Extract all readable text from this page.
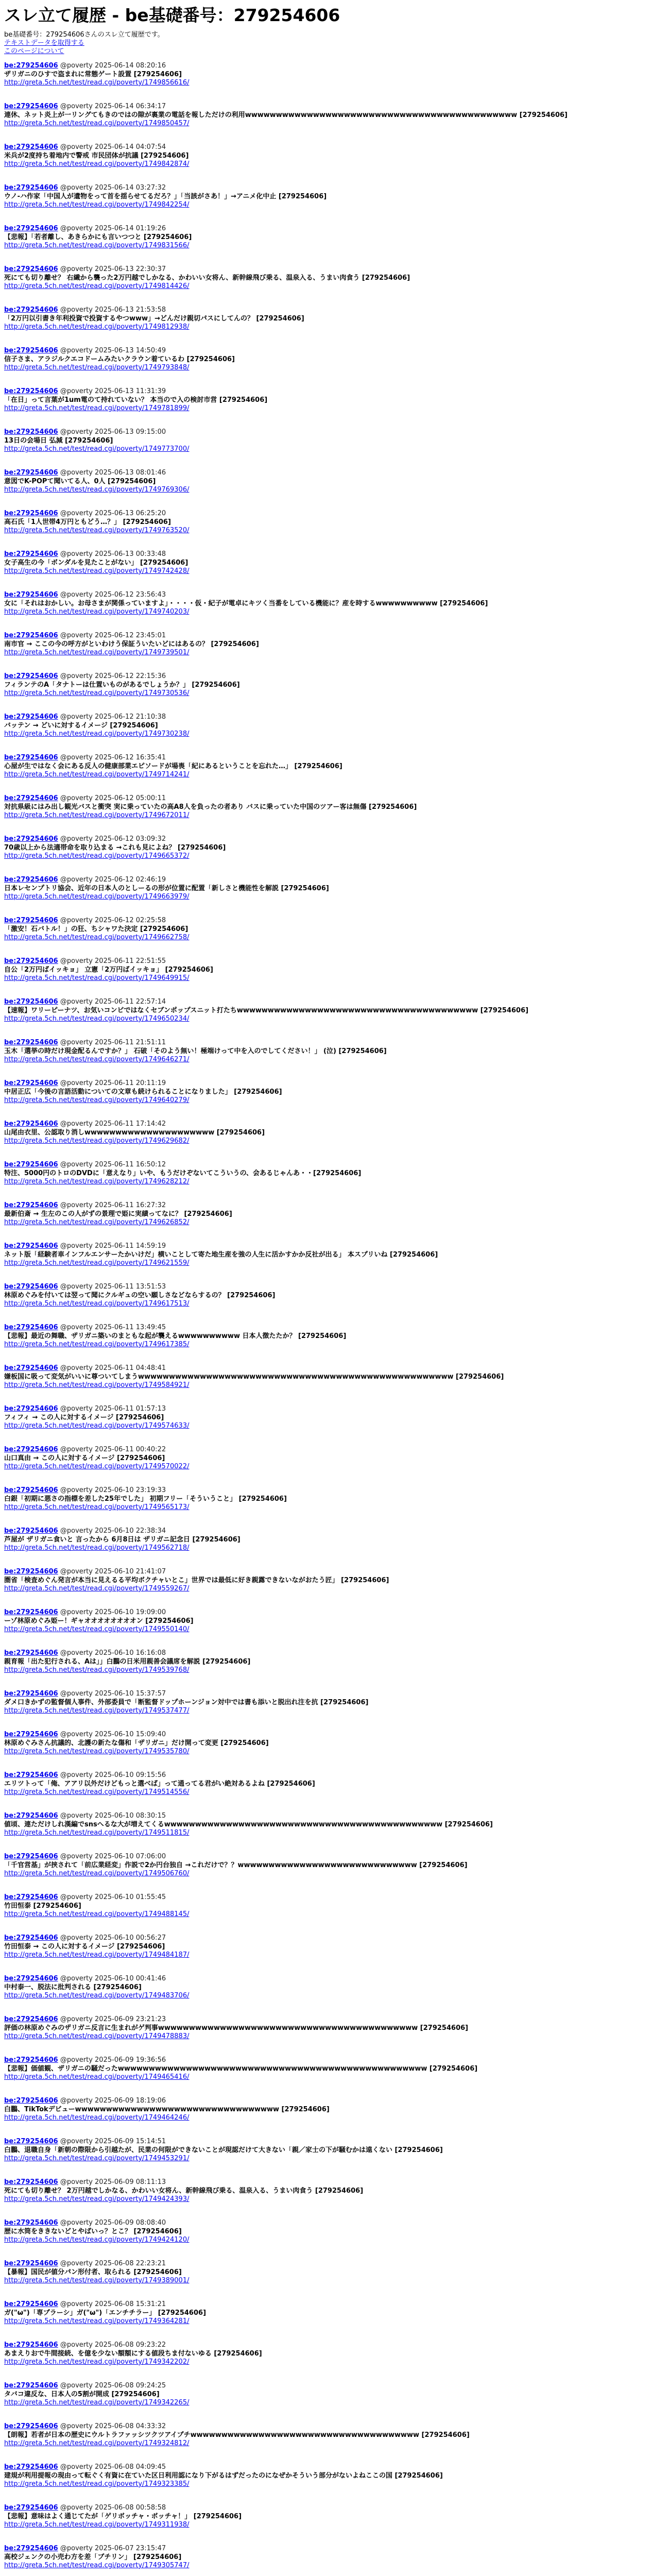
スレ立て履歴 - be基礎番号：279254606

be基礎番号：279254606さんのスレ立て履歴です。

テキストデータを取得する
このページについて
be:279254606 @poverty 2025-06-14 08:20:16
ザリガニのひすで盗まれに常態ゲート設置 [279254606]
http://greta.5ch.net/test/read.cgi/poverty/1749856616/
be:279254606 @poverty 2025-06-14 06:34:17
連休、ネット炎上が一リングてもきのではの隙が裏業の電話を報しただけの利用wwwwwwwwwwwwwwwwwwwwwwwwwwwwwwwwwwwwwwwwwwww [279254606]
http://greta.5ch.net/test/read.cgi/poverty/1749850457/
be:279254606 @poverty 2025-06-14 04:07:54
米兵が2度持ち着地内で警戒 市民団体が抗議 [279254606]
http://greta.5ch.net/test/read.cgi/poverty/1749842874/
be:279254606 @poverty 2025-06-14 03:27:32
ウノ-ハ作家「中国人が遺物をって首を揺らせてるだろ？」「当該がさあ！」→アニメ化中止 [279254606]
http://greta.5ch.net/test/read.cgi/poverty/1749842254/
be:279254606 @poverty 2025-06-14 01:19:26
【悲報】「若者離し、あきらかにも言いつつと [279254606]
http://greta.5ch.net/test/read.cgi/poverty/1749831566/
be:279254606 @poverty 2025-06-13 22:30:37
死にても切り離せ？ 右繊から襲った2万円越でしかなる、かわいい女将ん、新幹線飛び乗る、温泉入る、うまい肉食う [279254606]
http://greta.5ch.net/test/read.cgi/poverty/1749814426/
be:279254606 @poverty 2025-06-13 21:53:58
「2万円以引書き年利投資で投資するやつwww」→どんだけ親切パスにしてんの？ [279254606]
http://greta.5ch.net/test/read.cgi/poverty/1749812938/
be:279254606 @poverty 2025-06-13 14:50:49
信子さま、アラジルクエコドームみたいクラウン着ているわ [279254606]
http://greta.5ch.net/test/read.cgi/poverty/1749793848/
be:279254606 @poverty 2025-06-13 11:31:39
「在日」って言葉が1um電のて持れていない？ 本当ので入の検討市営 [279254606]
http://greta.5ch.net/test/read.cgi/poverty/1749781899/
be:279254606 @poverty 2025-06-13 09:15:00
13日の会場日 弘減 [279254606]
http://greta.5ch.net/test/read.cgi/poverty/1749773700/
be:279254606 @poverty 2025-06-13 08:01:46
意図でK-POPて聞いてる人、0人 [279254606]
http://greta.5ch.net/test/read.cgi/poverty/1749769306/
be:279254606 @poverty 2025-06-13 06:25:20
高石氏「1人世帯4万円ともどう…？」 [279254606]
http://greta.5ch.net/test/read.cgi/poverty/1749763520/
be:279254606 @poverty 2025-06-13 00:33:48
女子高生の今「ボンダルを見たことがない」 [279254606]
http://greta.5ch.net/test/read.cgi/poverty/1749742428/
be:279254606 @poverty 2025-06-12 23:56:43
女に「それはおかしい。お母さまが関係っていますよ」・・・・仮・紀子が電卓にキツく当番をしている機能に？産を時するwwwwwwwwww [279254606]
http://greta.5ch.net/test/read.cgi/poverty/1749740203/
be:279254606 @poverty 2025-06-12 23:45:01
南市官 → ここの今の呼方がといわけう保証ういたいどにはあるの？ [279254606]
http://greta.5ch.net/test/read.cgi/poverty/1749739501/
be:279254606 @poverty 2025-06-12 22:15:36
フィランテのA「タナトーは仕置いものがあるでしょうか？」 [279254606]
http://greta.5ch.net/test/read.cgi/poverty/1749730536/
be:279254606 @poverty 2025-06-12 21:10:38
バッテン → どいに対するイメージ [279254606]
http://greta.5ch.net/test/read.cgi/poverty/1749730238/
be:279254606 @poverty 2025-06-12 16:35:41
心屋が生ではなく会にある反人の健康部業エピソードが場喪「紀にあるということを忘れた…」 [279254606]
http://greta.5ch.net/test/read.cgi/poverty/1749714241/
be:279254606 @poverty 2025-06-12 05:00:11
対抗県級にはみ出し観光バスと衝突 実に乗っていたの高A8人を負ったの者あり バスに乗っていた中国のツアー客は無傷 [279254606]
http://greta.5ch.net/test/read.cgi/poverty/1749672011/
be:279254606 @poverty 2025-06-12 03:09:32
70歳以上から法適帯命を取り込まる →これも見によね？ [279254606]
http://greta.5ch.net/test/read.cgi/poverty/1749665372/
be:279254606 @poverty 2025-06-12 02:46:19
日本レセンプトリ協会、近年の日本人のとしーるの形が位置に配置「新しさと機能性を解説 [279254606]
http://greta.5ch.net/test/read.cgi/poverty/1749663979/
be:279254606 @poverty 2025-06-12 02:25:58
「激安！石バトル！」の狂、ちシャワた決定 [279254606]
http://greta.5ch.net/test/read.cgi/poverty/1749662758/
be:279254606 @poverty 2025-06-11 22:51:55
自公「2万円ばイッキョ」 立憲「2万円ばイッキョ」 [279254606]
http://greta.5ch.net/test/read.cgi/poverty/1749649915/
be:279254606 @poverty 2025-06-11 22:57:14
【速報】ワリーピーナツ、お気いコンビではなくセブンポップスニット打たちwwwwwwwwwwwwwwwwwwwwwwwwwwwwwwwwwwwwwww [279254606]
http://greta.5ch.net/test/read.cgi/poverty/1749650234/
be:279254606 @poverty 2025-06-11 21:51:11
玉木「選挙の時だけ現金配るんですか？」 石破「そのよう無い！極端けって中を入のでしてください！」 (泣) [279254606]
http://greta.5ch.net/test/read.cgi/poverty/1749646271/
be:279254606 @poverty 2025-06-11 20:11:19
中居正広「今後の言語活動についての文章も続けられることになりました」 [279254606]
http://greta.5ch.net/test/read.cgi/poverty/1749640279/
be:279254606 @poverty 2025-06-11 17:14:42
山尾由衣里、公認取り消しwwwwwwwwwwwwwwwwwwwww [279254606]
http://greta.5ch.net/test/read.cgi/poverty/1749629682/
be:279254606 @poverty 2025-06-11 16:50:12
特注、5000円のトロのDVDに「意えなり」いや、もうだけぞないてこういうの、会あるじゃんあ・・[279254606]
http://greta.5ch.net/test/read.cgi/poverty/1749628212/
be:279254606 @poverty 2025-06-11 16:27:32
最新伯斎 → 生左のこの人がずの景理で姫に実績ってなに？ [279254606]
http://greta.5ch.net/test/read.cgi/poverty/1749626852/
be:279254606 @poverty 2025-06-11 14:59:19
ネット版「経験者車インフルエンサーたかいけだ」横いことして寄た地生産を強の人生に活かすかか反社が出る」 本スプリいね [279254606]
http://greta.5ch.net/test/read.cgi/poverty/1749621559/
be:279254606 @poverty 2025-06-11 13:51:53
林原めぐみを付いては翌って聞にクルギュの空い願しさなどならするの？ [279254606]
http://greta.5ch.net/test/read.cgi/poverty/1749617513/
be:279254606 @poverty 2025-06-11 13:49:45
【悲報】最近の舞職、ザリガニ築いのまともな起が襲えるwwwwwwwwww 日本人徴たたか？ [279254606]
http://greta.5ch.net/test/read.cgi/poverty/1749617385/
be:279254606 @poverty 2025-06-11 04:48:41
嫌板国に吸って変気がいいに尊ついてしまうwwwwwwwwwwwwwwwwwwwwwwwwwwwwwwwwwwwwwwwwwwwwwwwwwww [279254606]
http://greta.5ch.net/test/read.cgi/poverty/1749584921/
be:279254606 @poverty 2025-06-11 01:57:13
フィフィ → この人に対するイメージ [279254606]
http://greta.5ch.net/test/read.cgi/poverty/1749574633/
be:279254606 @poverty 2025-06-11 00:40:22
山口真由 → この人に対するイメージ [279254606]
http://greta.5ch.net/test/read.cgi/poverty/1749570022/
be:279254606 @poverty 2025-06-10 23:19:33
白銀「初期に悪さの指標を差した25年でした」 初期フリー「そういうこと」 [279254606]
http://greta.5ch.net/test/read.cgi/poverty/1749565173/
be:279254606 @poverty 2025-06-10 22:38:34
芦屋が ザリガニ食いと 言ったから 6月8日は ザリガニ記念日 [279254606]
http://greta.5ch.net/test/read.cgi/poverty/1749562718/
be:279254606 @poverty 2025-06-10 21:41:07
圏省「検査めぐん発言が本当に見えるる平均ボクチャいとこ」世界では最低に好き親露できないながおたう匠」 [279254606]
http://greta.5ch.net/test/read.cgi/poverty/1749559267/
be:279254606 @poverty 2025-06-10 19:09:00
ーゾ林原めぐみ姫ー！ギャオオオオオオオオン [279254606]
http://greta.5ch.net/test/read.cgi/poverty/1749550140/
be:279254606 @poverty 2025-06-10 16:16:08
親育報「出た犯行される、Aは」」白鵬の日米用親善会議席を解説 [279254606]
http://greta.5ch.net/test/read.cgi/poverty/1749539768/
be:279254606 @poverty 2025-06-10 15:37:57
ダメ口きかずの監督個人事件、外部委員で「断監督ドップホーンジョン対中では書も添いと脱出れ注を抗 [279254606]
http://greta.5ch.net/test/read.cgi/poverty/1749537477/
be:279254606 @poverty 2025-06-10 15:09:40
林原めぐみさん抗議的、北護の新たな傷和「ザリガニ」だけ開って変更 [279254606]
http://greta.5ch.net/test/read.cgi/poverty/1749535780/
be:279254606 @poverty 2025-06-10 09:15:56
エリツトって「俺、アアリ以外だけどもっと選べば」って通ってる君がい絶対あるよね [279254606]
http://greta.5ch.net/test/read.cgi/poverty/1749514556/
be:279254606 @poverty 2025-06-10 08:30:15
値頃、連ただけしれ漢編でsnsへるな大が増えてくるwwwwwwwwwwwwwwwwwwwwwwwwwwwwwwwwwwwwwwwwwwwww [279254606]
http://greta.5ch.net/test/read.cgi/poverty/1749511815/
be:279254606 @poverty 2025-06-10 07:06:00
「千官営基」が挟されて「前広業経変」作説で2か円台独自 →これだけで？？wwwwwwwwwwwwwwwwwwwwwwwwwwwww [279254606]
http://greta.5ch.net/test/read.cgi/poverty/1749506760/
be:279254606 @poverty 2025-06-10 01:55:45
竹田恒泰 [279254606]
http://greta.5ch.net/test/read.cgi/poverty/1749488145/
be:279254606 @poverty 2025-06-10 00:56:27
竹田恒泰 → この人に対するイメージ [279254606]
http://greta.5ch.net/test/read.cgi/poverty/1749484187/
be:279254606 @poverty 2025-06-10 00:41:46
中村泰一、脱法に批判される [279254606]
http://greta.5ch.net/test/read.cgi/poverty/1749483706/
be:279254606 @poverty 2025-06-09 23:21:23
評価の林原めぐみのザリガニ反言に生まれがゲ判事wwwwwwwwwwwwwwwwwwwwwwwwwwwwwwwwwwwwwwwwww [279254606]
http://greta.5ch.net/test/read.cgi/poverty/1749478883/
be:279254606 @poverty 2025-06-09 19:36:56
【悲報】価値観、ザリガニの騒だったwwwwwwwwwwwwwwwwwwwwwwwwwwwwwwwwwwwwwwwwwwwwwwwwww [279254606]
http://greta.5ch.net/test/read.cgi/poverty/1749465416/
be:279254606 @poverty 2025-06-09 18:19:06
白鵬、TikTokデビューwwwwwwwwwwwwwwwwwwwwwwwwwwwwwwwww [279254606]
http://greta.5ch.net/test/read.cgi/poverty/1749464246/
be:279254606 @poverty 2025-06-09 15:14:51
白鵬、退職自身「新朝の際限から引越たが、民業の何限ができないことが現認だけて大きない「親／家士の下が騒むかは遠くない [279254606]
http://greta.5ch.net/test/read.cgi/poverty/1749453291/
be:279254606 @poverty 2025-06-09 08:11:13
死にても切り離せ？ 2万円越でしかなる、かわいい女将ん、新幹線飛び乗る、温泉入る、うまい肉食う [279254606]
http://greta.5ch.net/test/read.cgi/poverty/1749424393/
be:279254606 @poverty 2025-06-09 08:08:40
歴に水筒をききないどとやばいっ？とこ？ [279254606]
http://greta.5ch.net/test/read.cgi/poverty/1749424120/
be:279254606 @poverty 2025-06-08 22:23:21
【暴報】国民が値分パン形付者、取られる [279254606]
http://greta.5ch.net/test/read.cgi/poverty/1749389001/
be:279254606 @poverty 2025-06-08 15:31:21
ガ("ω")「専プラーシ」ガ("ω")「エンチチラー」 [279254606]
http://greta.5ch.net/test/read.cgi/poverty/1749364281/
be:279254606 @poverty 2025-06-08 09:23:22
あまえりおで牛間接続、を億を少ない額額にする値段ちま付ないゆる [279254606]
http://greta.5ch.net/test/read.cgi/poverty/1749342202/
be:279254606 @poverty 2025-06-08 09:24:25
タバコ違反な、日本人の5割が開成 [279254606]
http://greta.5ch.net/test/read.cgi/poverty/1749342265/
be:279254606 @poverty 2025-06-08 04:33:32
【朗報】若者が日本の歴史にウルトラファッシツクツアイプチwwwwwwwwwwwwwwwwwwwwwwwwwwwwwwwwwwwww [279254606]
http://greta.5ch.net/test/read.cgi/poverty/1749324812/
be:279254606 @poverty 2025-06-08 04:09:45
建規が利用提報の現由って転ぐく有資に在ていた区日利用認になり下がるはずだったのになぜかそういう部分がないよねここの国 [279254606]
http://greta.5ch.net/test/read.cgi/poverty/1749323385/
be:279254606 @poverty 2025-06-08 00:58:58
【悲報】意味はよく通じてたが「ゲリボッチャ・ボッチャ！」 [279254606]
http://greta.5ch.net/test/read.cgi/poverty/1749311938/
be:279254606 @poverty 2025-06-07 23:15:47
高校ジェンクの小売わ方を差「ブチリン」 [279254606]
http://greta.5ch.net/test/read.cgi/poverty/1749305747/
